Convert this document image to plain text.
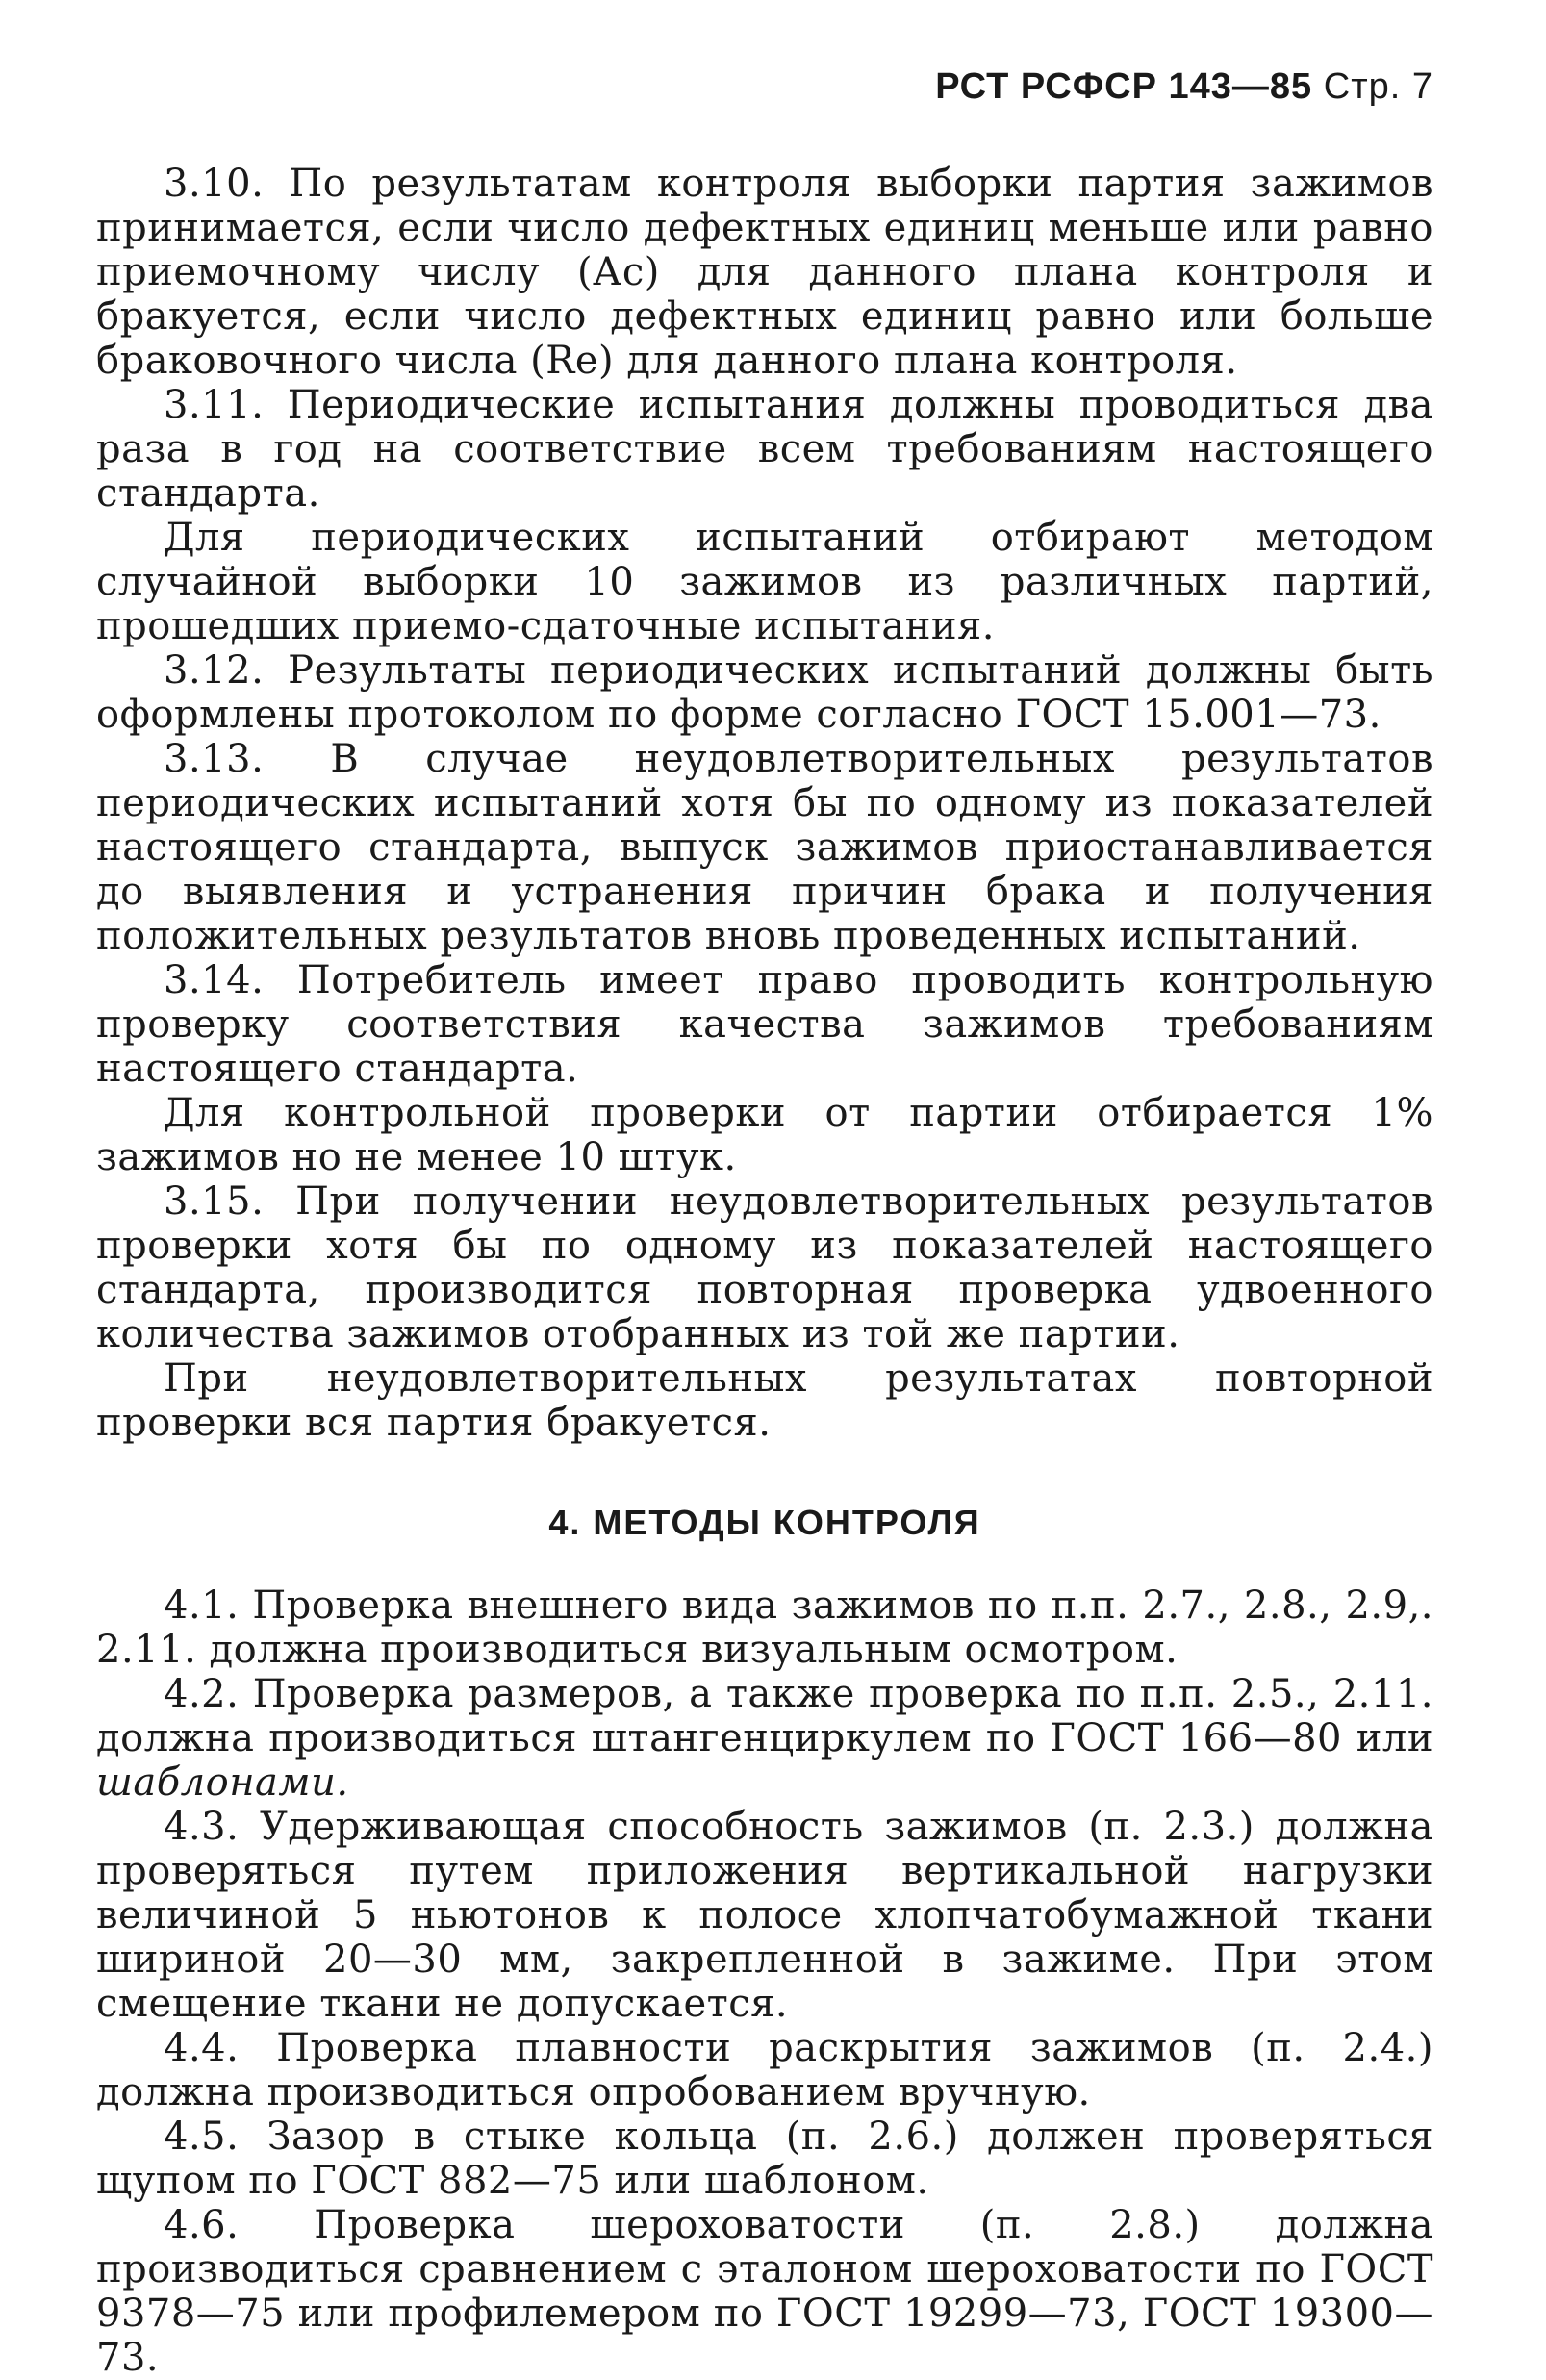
РСТ РСФСР 143—85 Стр. 7

3.10. По результатам контроля выборки партия зажимов принимается, если число дефектных единиц меньше или равно приемочному числу (Ас) для данного плана контроля и бракуется, если число дефектных единиц равно или больше браковочного числа (Re) для данного плана контроля.

3.11. Периодические испытания должны проводиться два раза в год на соответствие всем требованиям настоящего стандарта.

Для периодических испытаний отбирают методом случайной выборки 10 зажимов из различных партий, прошедших приемо-сдаточные испытания.

3.12. Результаты периодических испытаний должны быть оформлены протоколом по форме согласно ГОСТ 15.001—73.

3.13. В случае неудовлетворительных результатов периодических испытаний хотя бы по одному из показателей настоящего стандарта, выпуск зажимов приостанавливается до выявления и устранения причин брака и получения положительных результатов вновь проведенных испытаний.

3.14. Потребитель имеет право проводить контрольную проверку соответствия качества зажимов требованиям настоящего стандарта.

Для контрольной проверки от партии отбирается 1% зажимов но не менее 10 штук.

3.15. При получении неудовлетворительных результатов проверки хотя бы по одному из показателей настоящего стандарта, производится повторная проверка удвоенного количества зажимов отобранных из той же партии.

При неудовлетворительных результатах повторной проверки вся партия бракуется.

4. МЕТОДЫ КОНТРОЛЯ

4.1. Проверка внешнего вида зажимов по п.п. 2.7., 2.8., 2.9,. 2.11. должна производиться визуальным осмотром.

4.2. Проверка размеров, а также проверка по п.п. 2.5., 2.11. должна производиться штангенциркулем по ГОСТ 166—80 или шаблонами.

4.3. Удерживающая способность зажимов (п. 2.3.) должна проверяться путем приложения вертикальной нагрузки величиной 5 ньютонов к полосе хлопчатобумажной ткани шириной 20—30 мм, закрепленной в зажиме. При этом смещение ткани не допускается.

4.4. Проверка плавности раскрытия зажимов (п. 2.4.) должна производиться опробованием вручную.

4.5. Зазор в стыке кольца (п. 2.6.) должен проверяться щупом по ГОСТ 882—75 или шаблоном.

4.6. Проверка шероховатости (п. 2.8.) должна производиться сравнением с эталоном шероховатости по ГОСТ 9378—75 или профилемером по ГОСТ 19299—73, ГОСТ 19300—73.
